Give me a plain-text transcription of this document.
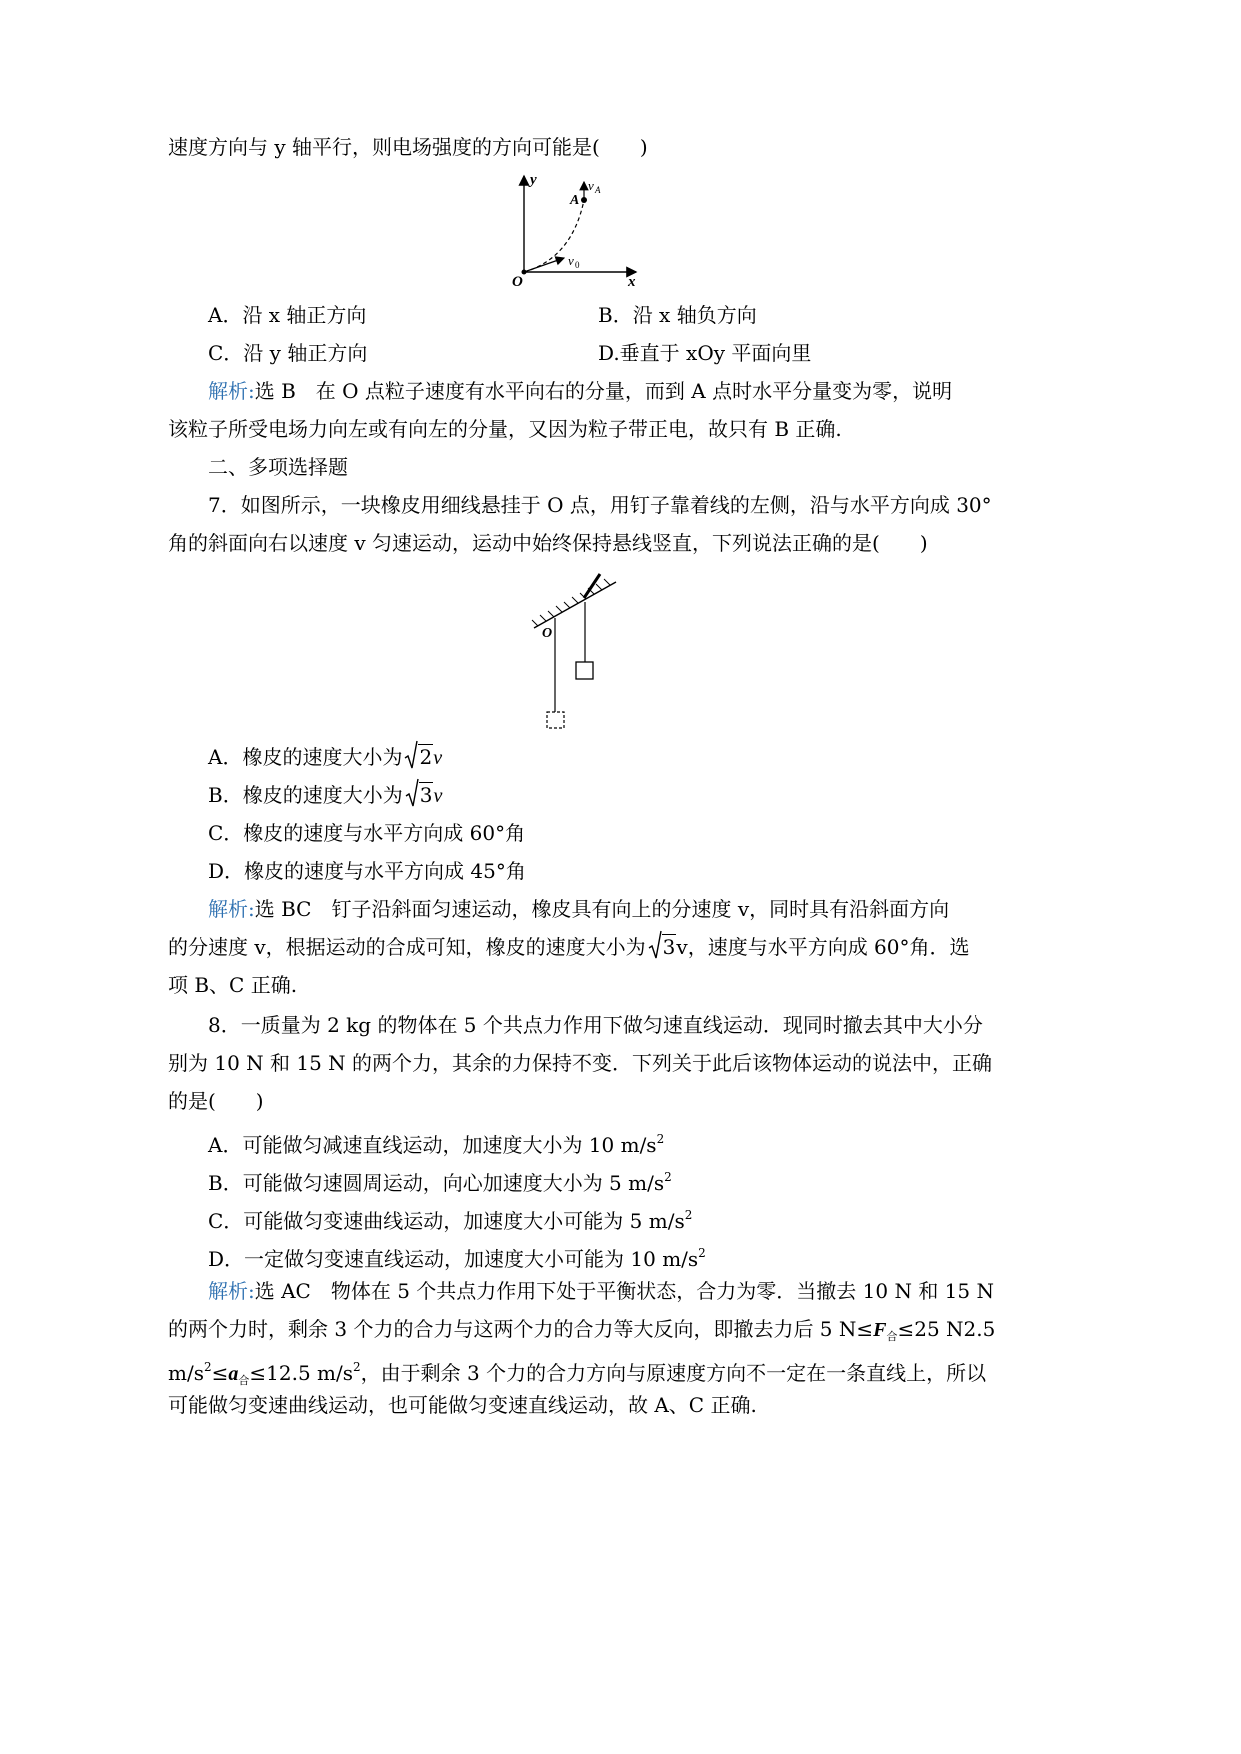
速度方向与 y 轴平行，则电场强度的方向可能是(　　)
y
x
O
A
v A
v 0
A．沿 x 轴正方向	B．沿 x 轴负方向
C．沿 y 轴正方向	D.垂直于 xOy 平面向里
解析:选 B　在 O 点粒子速度有水平向右的分量，而到 A 点时水平分量变为零，说明
该粒子所受电场力向左或有向左的分量，又因为粒子带正电，故只有 B 正确.
二、多项选择题
7．如图所示，一块橡皮用细线悬挂于 O 点，用钉子靠着线的左侧，沿与水平方向成 30°
角的斜面向右以速度 v 匀速运动，运动中始终保持悬线竖直，下列说法正确的是(　　)
O
A．橡皮的速度大小为 2v
B．橡皮的速度大小为 3v
C．橡皮的速度与水平方向成 60°角
D．橡皮的速度与水平方向成 45°角
解析:选 BC　钉子沿斜面匀速运动，橡皮具有向上的分速度 v，同时具有沿斜面方向
的分速度 v，根据运动的合成可知，橡皮的速度大小为 3v，速度与水平方向成 60°角．选
项 B、C 正确.
8．一质量为 2 kg 的物体在 5 个共点力作用下做匀速直线运动．现同时撤去其中大小分
别为 10 N 和 15 N 的两个力，其余的力保持不变．下列关于此后该物体运动的说法中，正确
的是(　　)
A．可能做匀减速直线运动，加速度大小为 10 $m/s^2$
B．可能做匀速圆周运动，向心加速度大小为 5 $m/s^2$
C．可能做匀变速曲线运动，加速度大小可能为 5 $m/s^2$
D．一定做匀变速直线运动，加速度大小可能为 10 $m/s^2$
解析:选 AC　物体在 5 个共点力作用下处于平衡状态，合力为零．当撤去 10 N 和 15 N
的两个力时，剩余 3 个力的合力与这两个力的合力等大反向，即撤去力后 5 $N\le F_合\le 25$ N2.5
$m/s^2\le a_合\le 12.5$ $m/s^2$，由于剩余 3 个力的合力方向与原速度方向不一定在一条直线上，所以
可能做匀变速曲线运动，也可能做匀变速直线运动，故 A、C 正确.
